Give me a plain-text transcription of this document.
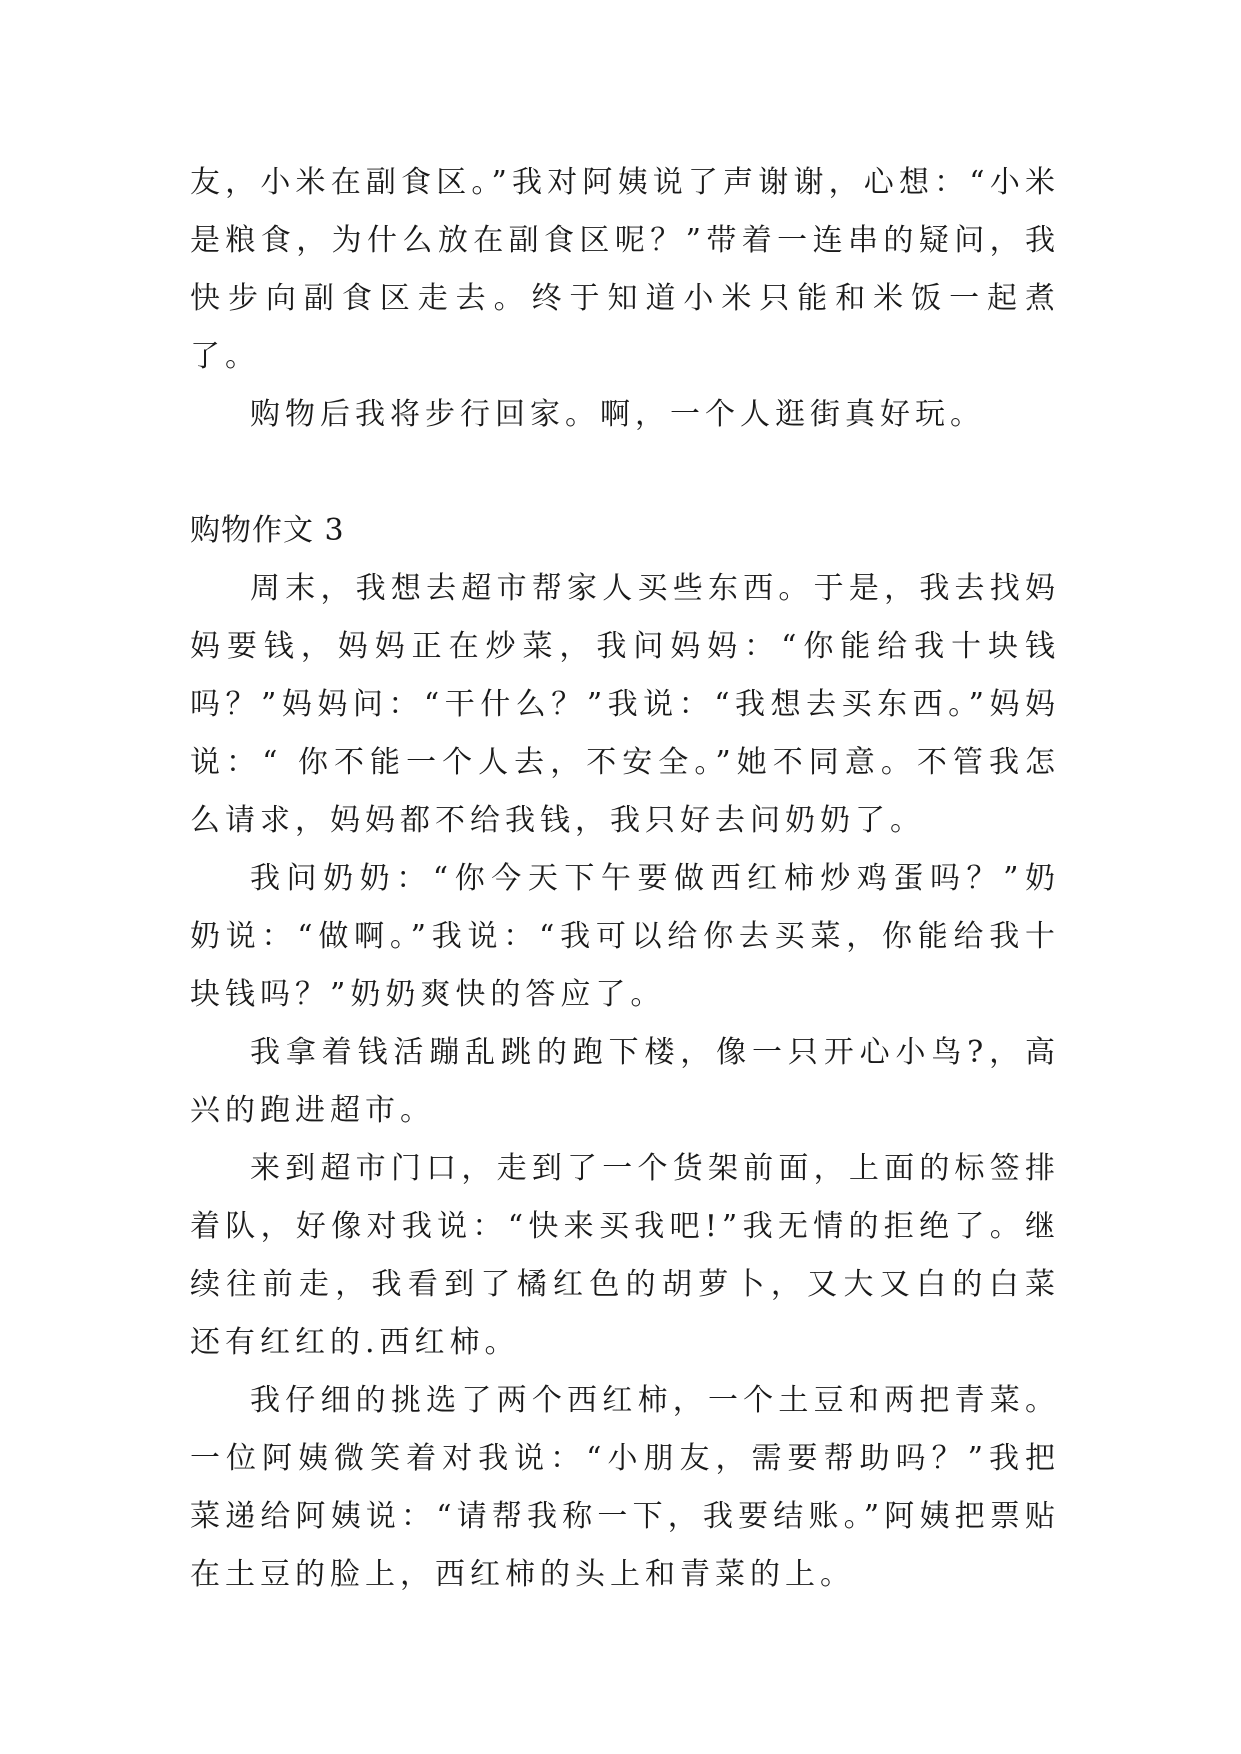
友，小米在副食区。”我对阿姨说了声谢谢，心想：“小米是粮食，为什么放在副食区呢？”带着一连串的疑问，我快步向副食区走去。终于知道小米只能和米饭一起煮了。

购物后我将步行回家。啊，一个人逛街真好玩。

购物作文 3

周末，我想去超市帮家人买些东西。于是，我去找妈妈要钱，妈妈正在炒菜，我问妈妈：“你能给我十块钱吗？”妈妈问：“干什么？”我说：“我想去买东西。”妈妈说：“ 你不能一个人去，不安全。”她不同意。不管我怎么请求，妈妈都不给我钱，我只好去问奶奶了。

我问奶奶：“你今天下午要做西红柿炒鸡蛋吗？”奶奶说：“做啊。”我说：“我可以给你去买菜，你能给我十块钱吗？”奶奶爽快的答应了。

我拿着钱活蹦乱跳的跑下楼，像一只开心小鸟?，高兴的跑进超市。

来到超市门口，走到了一个货架前面，上面的标签排着队，好像对我说：“快来买我吧!”我无情的拒绝了。继续往前走，我看到了橘红色的胡萝卜，又大又白的白菜还有红红的.西红柿。

我仔细的挑选了两个西红柿，一个土豆和两把青菜。一位阿姨微笑着对我说：“小朋友，需要帮助吗？”我把菜递给阿姨说：“请帮我称一下，我要结账。”阿姨把票贴在土豆的脸上，西红柿的头上和青菜的上。
